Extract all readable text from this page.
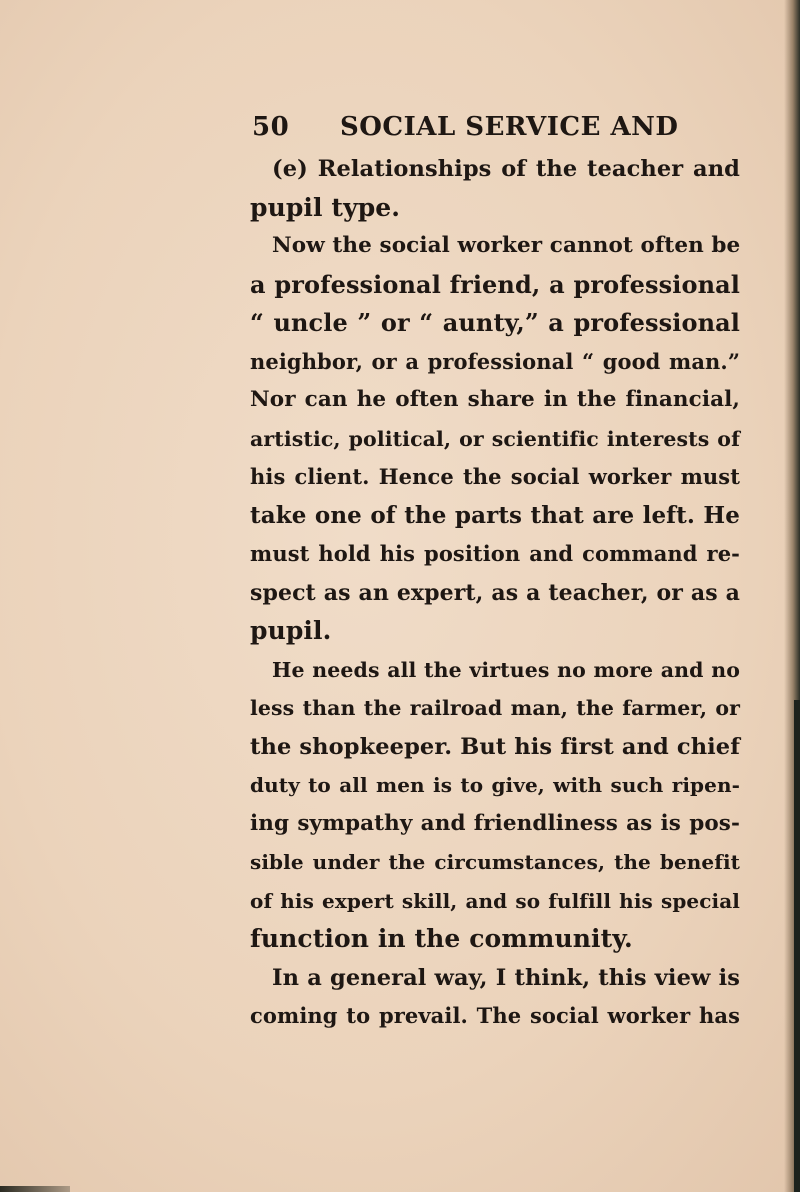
50 SOCIAL SERVICE AND
(e) Relationships of the teacher and
pupil type.
Now the social worker cannot often be
a professional friend, a professional
“ uncle ” or “ aunty,” a professional
neighbor, or a professional “ good man.”
Nor can he often share in the financial,
artistic, political, or scientific interests of
his client. Hence the social worker must
take one of the parts that are left. He
must hold his position and command re-
spect as an expert, as a teacher, or as a
pupil.
He needs all the virtues no more and no
less than the railroad man, the farmer, or
the shopkeeper. But his first and chief
duty to all men is to give, with such ripen-
ing sympathy and friendliness as is pos-
sible under the circumstances, the benefit
of his expert skill, and so fulfill his special
function in the community.
In a general way, I think, this view is
coming to prevail. The social worker has
